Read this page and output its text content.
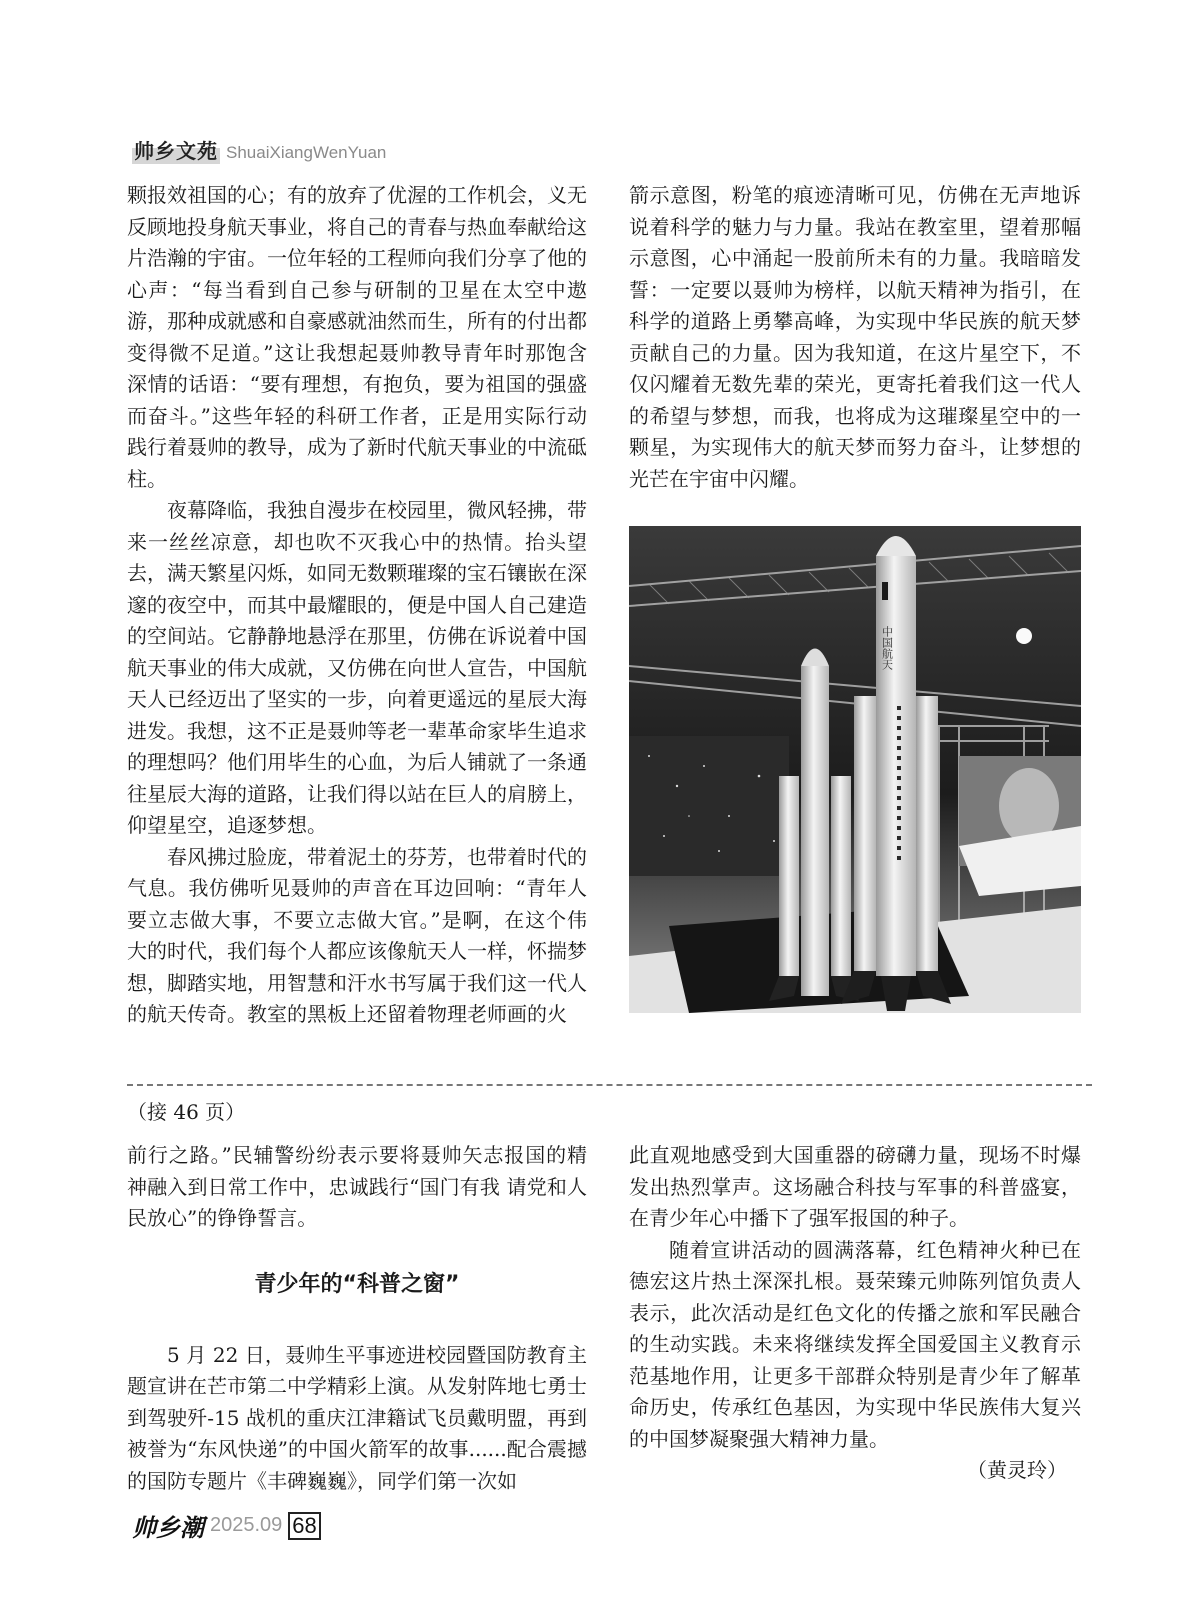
帅乡文苑 ShuaiXiangWenYuan

颗报效祖国的心；有的放弃了优渥的工作机会，义无反顾地投身航天事业，将自己的青春与热血奉献给这片浩瀚的宇宙。一位年轻的工程师向我们分享了他的心声：“每当看到自己参与研制的卫星在太空中遨游，那种成就感和自豪感就油然而生，所有的付出都变得微不足道。”这让我想起聂帅教导青年时那饱含深情的话语：“要有理想，有抱负，要为祖国的强盛而奋斗。”这些年轻的科研工作者，正是用实际行动践行着聂帅的教导，成为了新时代航天事业的中流砥柱。

夜幕降临，我独自漫步在校园里，微风轻拂，带来一丝丝凉意，却也吹不灭我心中的热情。抬头望去，满天繁星闪烁，如同无数颗璀璨的宝石镶嵌在深邃的夜空中，而其中最耀眼的，便是中国人自己建造的空间站。它静静地悬浮在那里，仿佛在诉说着中国航天事业的伟大成就，又仿佛在向世人宣告，中国航天人已经迈出了坚实的一步，向着更遥远的星辰大海进发。我想，这不正是聂帅等老一辈革命家毕生追求的理想吗？他们用毕生的心血，为后人铺就了一条通往星辰大海的道路，让我们得以站在巨人的肩膀上，仰望星空，追逐梦想。

春风拂过脸庞，带着泥土的芬芳，也带着时代的气息。我仿佛听见聂帅的声音在耳边回响：“青年人要立志做大事，不要立志做大官。”是啊，在这个伟大的时代，我们每个人都应该像航天人一样，怀揣梦想，脚踏实地，用智慧和汗水书写属于我们这一代人的航天传奇。教室的黑板上还留着物理老师画的火

箭示意图，粉笔的痕迹清晰可见，仿佛在无声地诉说着科学的魅力与力量。我站在教室里，望着那幅示意图，心中涌起一股前所未有的力量。我暗暗发誓：一定要以聂帅为榜样，以航天精神为指引，在科学的道路上勇攀高峰，为实现中华民族的航天梦贡献自己的力量。因为我知道，在这片星空下，不仅闪耀着无数先辈的荣光，更寄托着我们这一代人的希望与梦想，而我，也将成为这璀璨星空中的一颗星，为实现伟大的航天梦而努力奋斗，让梦想的光芒在宇宙中闪耀。

中国航天
（接 46 页）

前行之路。”民辅警纷纷表示要将聂帅矢志报国的精神融入到日常工作中，忠诚践行“国门有我 请党和人民放心”的铮铮誓言。

青少年的“科普之窗”

5 月 22 日，聂帅生平事迹进校园暨国防教育主题宣讲在芒市第二中学精彩上演。从发射阵地七勇士到驾驶歼-15 战机的重庆江津籍试飞员戴明盟，再到被誉为“东风快递”的中国火箭军的故事......配合震撼的国防专题片《丰碑巍巍》，同学们第一次如

此直观地感受到大国重器的磅礴力量，现场不时爆发出热烈掌声。这场融合科技与军事的科普盛宴，在青少年心中播下了强军报国的种子。

随着宣讲活动的圆满落幕，红色精神火种已在德宏这片热土深深扎根。聂荣臻元帅陈列馆负责人表示，此次活动是红色文化的传播之旅和军民融合的生动实践。未来将继续发挥全国爱国主义教育示范基地作用，让更多干部群众特别是青少年了解革命历史，传承红色基因，为实现中华民族伟大复兴的中国梦凝聚强大精神力量。

（黄灵玲）

帅乡潮 2025.09 68
